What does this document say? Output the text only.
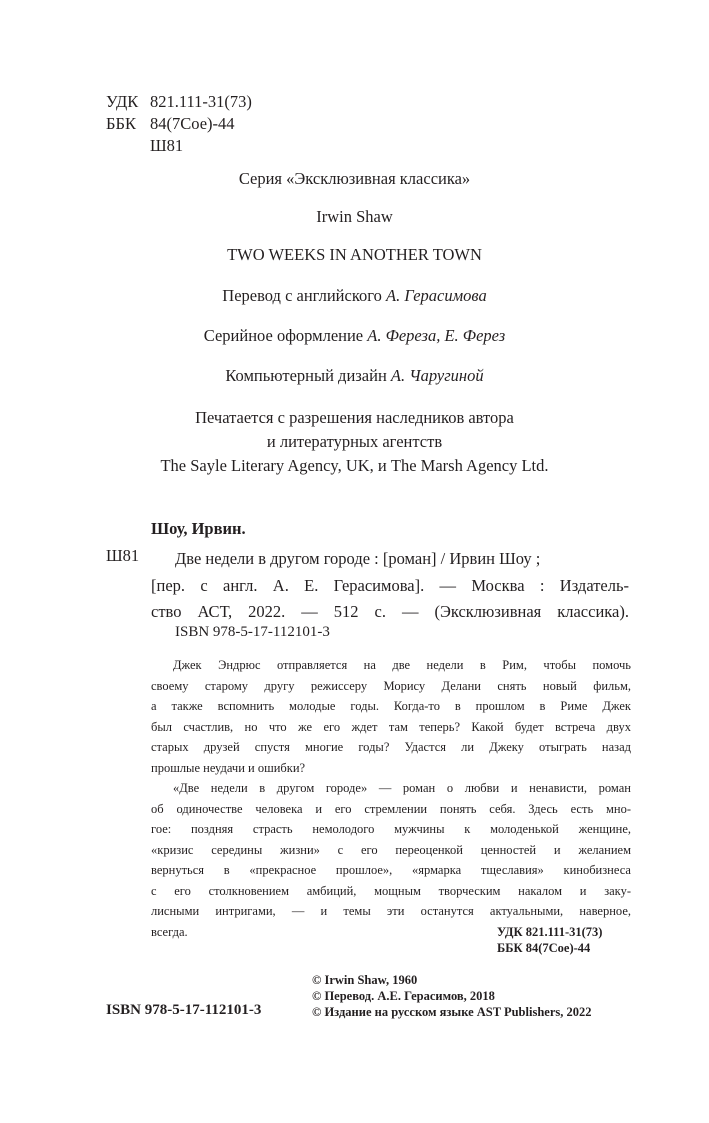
УДК 821.111-31(73)
ББК 84(7Сое)-44
Ш81
Серия «Эксклюзивная классика»
Irwin Shaw
TWO WEEKS IN ANOTHER TOWN
Перевод с английского А. Герасимова
Серийное оформление А. Фереза, Е. Ферез
Компьютерный дизайн А. Чаругиной
Печатается с разрешения наследников автора
и литературных агентств
The Sayle Literary Agency, UK, и The Marsh Agency Ltd.
Шоу, Ирвин.
Ш81 Две недели в другом городе : [роман] / Ирвин Шоу ;
[пер. с англ. А. Е. Герасимова]. — Москва : Издатель-
ство АСТ, 2022. — 512 с. — (Эксклюзивная классика).
ISBN 978-5-17-112101-3
Джек Эндрюс отправляется на две недели в Рим, чтобы помочь
своему старому другу режиссеру Морису Делани снять новый фильм,
а также вспомнить молодые годы. Когда-то в прошлом в Риме Джек
был счастлив, но что же его ждет там теперь? Какой будет встреча двух
старых друзей спустя многие годы? Удастся ли Джеку отыграть назад
прошлые неудачи и ошибки?
«Две недели в другом городе» — роман о любви и ненависти, роман
об одиночестве человека и его стремлении понять себя. Здесь есть мно-
гое: поздняя страсть немолодого мужчины к молоденькой женщине,
«кризис середины жизни» с его переоценкой ценностей и желанием
вернуться в «прекрасное прошлое», «ярмарка тщеславия» кинобизнеса
с его столкновением амбиций, мощным творческим накалом и заку-
лисными интригами, — и темы эти останутся актуальными, наверное,
всегда.	УДК 821.111-31(73)
ББК 84(7Сое)-44
© Irwin Shaw, 1960
© Перевод. А.Е. Герасимов, 2018
© Издание на русском языке AST Publishers, 2022
ISBN 978-5-17-112101-3
